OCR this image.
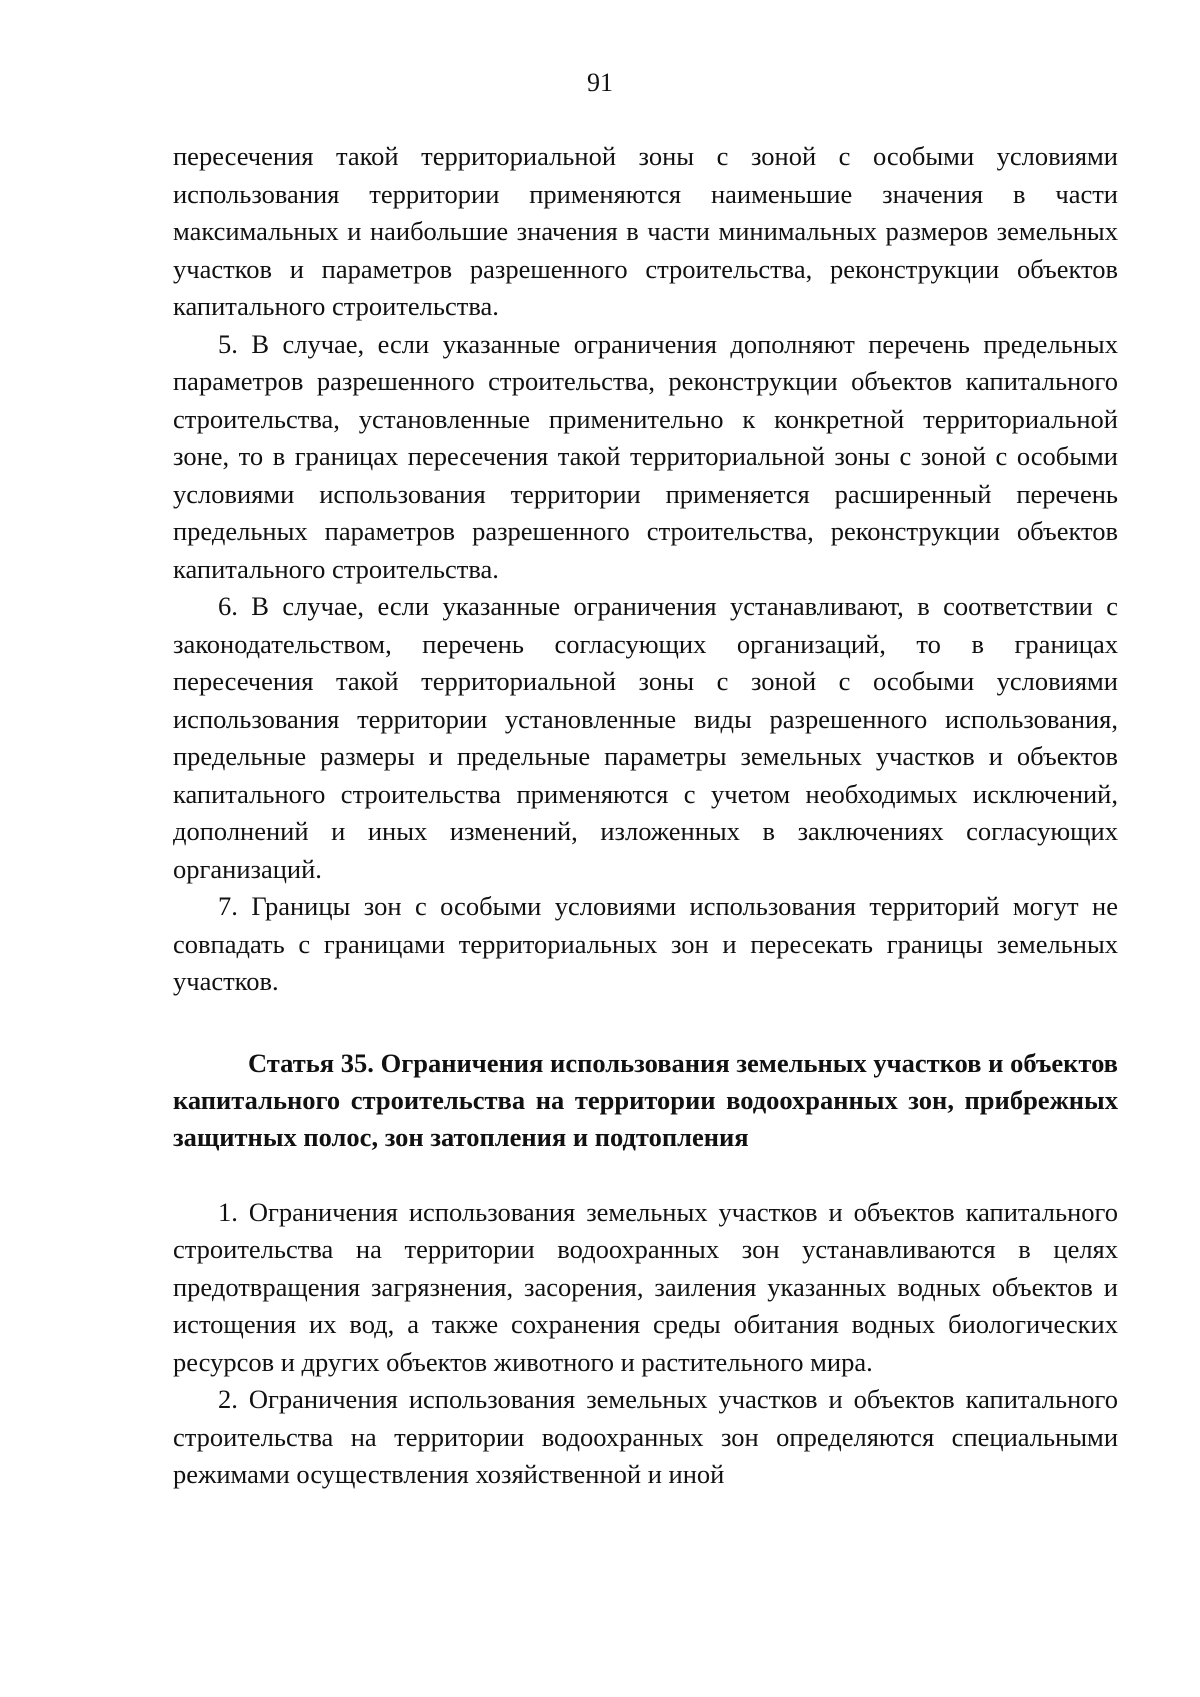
91

пересечения такой территориальной зоны с зоной с особыми условиями использования территории применяются наименьшие значения в части максимальных и наибольшие значения в части минимальных размеров земельных участков и параметров разрешенного строительства, реконструкции объектов капитального строительства.

5. В случае, если указанные ограничения дополняют перечень предельных параметров разрешенного строительства, реконструкции объектов капитального строительства, установленные применительно к конкретной территориальной зоне, то в границах пересечения такой территориальной зоны с зоной с особыми условиями использования территории применяется расширенный перечень предельных параметров разрешенного строительства, реконструкции объектов капитального строительства.

6. В случае, если указанные ограничения устанавливают, в соответствии с законодательством, перечень согласующих организаций, то в границах пересечения такой территориальной зоны с зоной с особыми условиями использования территории установленные виды разрешенного использования, предельные размеры и предельные параметры земельных участков и объектов капитального строительства применяются с учетом необходимых исключений, дополнений и иных изменений, изложенных в заключениях согласующих организаций.

7. Границы зон с особыми условиями использования территорий могут не совпадать с границами территориальных зон и пересекать границы земельных участков.

Статья 35. Ограничения использования земельных участков и объектов капитального строительства на территории водоохранных зон, прибрежных защитных полос, зон затопления и подтопления

1. Ограничения использования земельных участков и объектов капитального строительства на территории водоохранных зон устанавливаются в целях предотвращения загрязнения, засорения, заиления указанных водных объектов и истощения их вод, а также сохранения среды обитания водных биологических ресурсов и других объектов животного и растительного мира.

2. Ограничения использования земельных участков и объектов капитального строительства на территории водоохранных зон определяются специальными режимами осуществления хозяйственной и иной
